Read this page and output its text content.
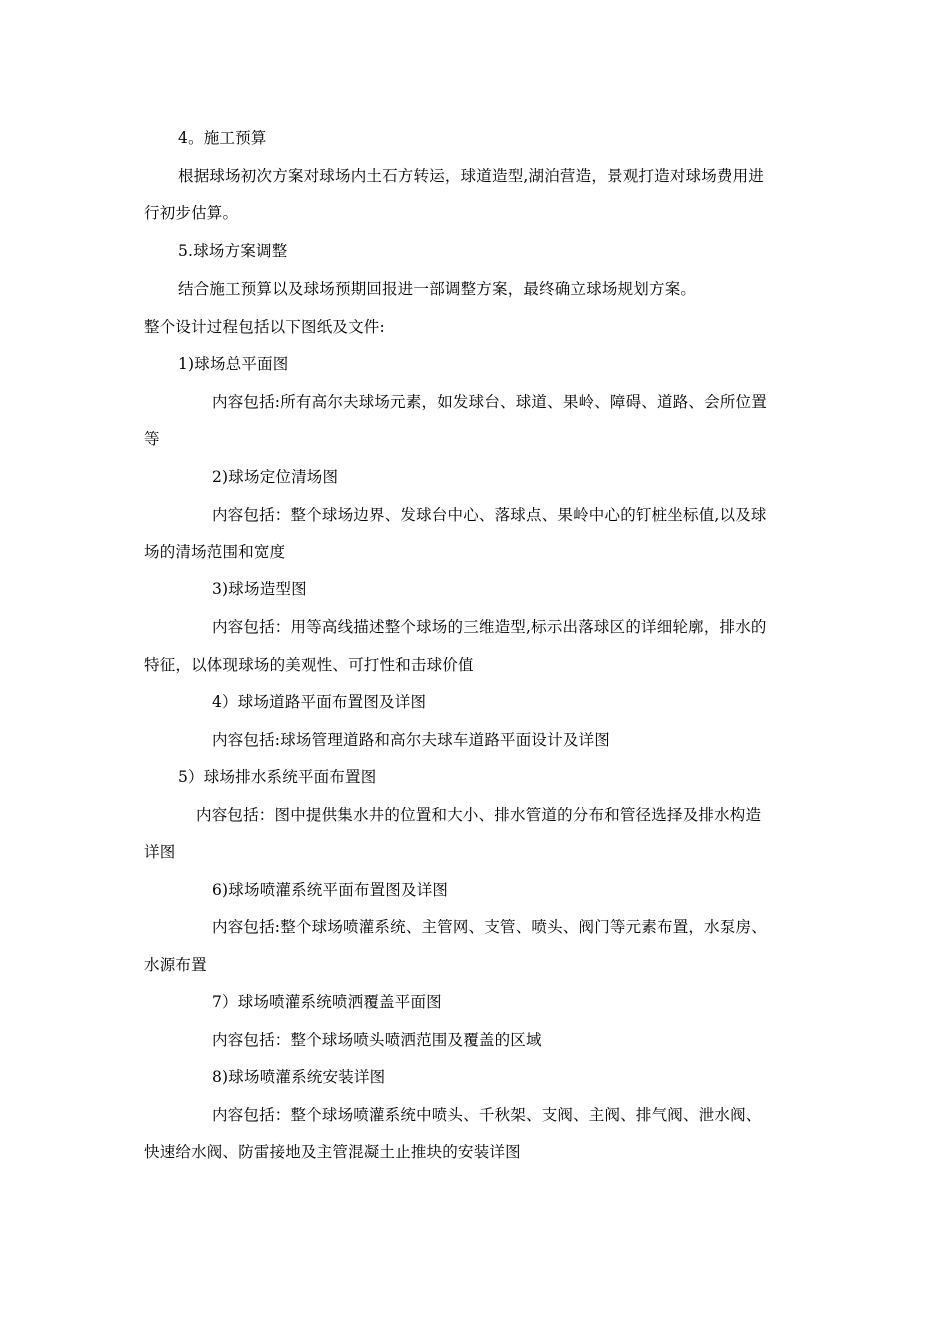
4。施工预算
根据球场初次方案对球场内土石方转运，球道造型,湖泊营造，景观打造对球场费用进
行初步估算。
5.球场方案调整
结合施工预算以及球场预期回报进一部调整方案，最终确立球场规划方案。
整个设计过程包括以下图纸及文件:
1)球场总平面图
内容包括:所有高尔夫球场元素，如发球台、球道、果岭、障碍、道路、会所位置
等
2)球场定位清场图
内容包括：整个球场边界、发球台中心、落球点、果岭中心的钉桩坐标值,以及球
场的清场范围和宽度
3)球场造型图
内容包括：用等高线描述整个球场的三维造型,标示出落球区的详细轮廓，排水的
特征，以体现球场的美观性、可打性和击球价值
4）球场道路平面布置图及详图
内容包括:球场管理道路和高尔夫球车道路平面设计及详图
5）球场排水系统平面布置图
内容包括：图中提供集水井的位置和大小、排水管道的分布和管径选择及排水构造
详图
6)球场喷灌系统平面布置图及详图
内容包括:整个球场喷灌系统、主管网、支管、喷头、阀门等元素布置，水泵房、
水源布置
7）球场喷灌系统喷洒覆盖平面图
内容包括：整个球场喷头喷洒范围及覆盖的区域
8)球场喷灌系统安装详图
内容包括：整个球场喷灌系统中喷头、千秋架、支阀、主阀、排气阀、泄水阀、
快速给水阀、防雷接地及主管混凝土止推块的安装详图
